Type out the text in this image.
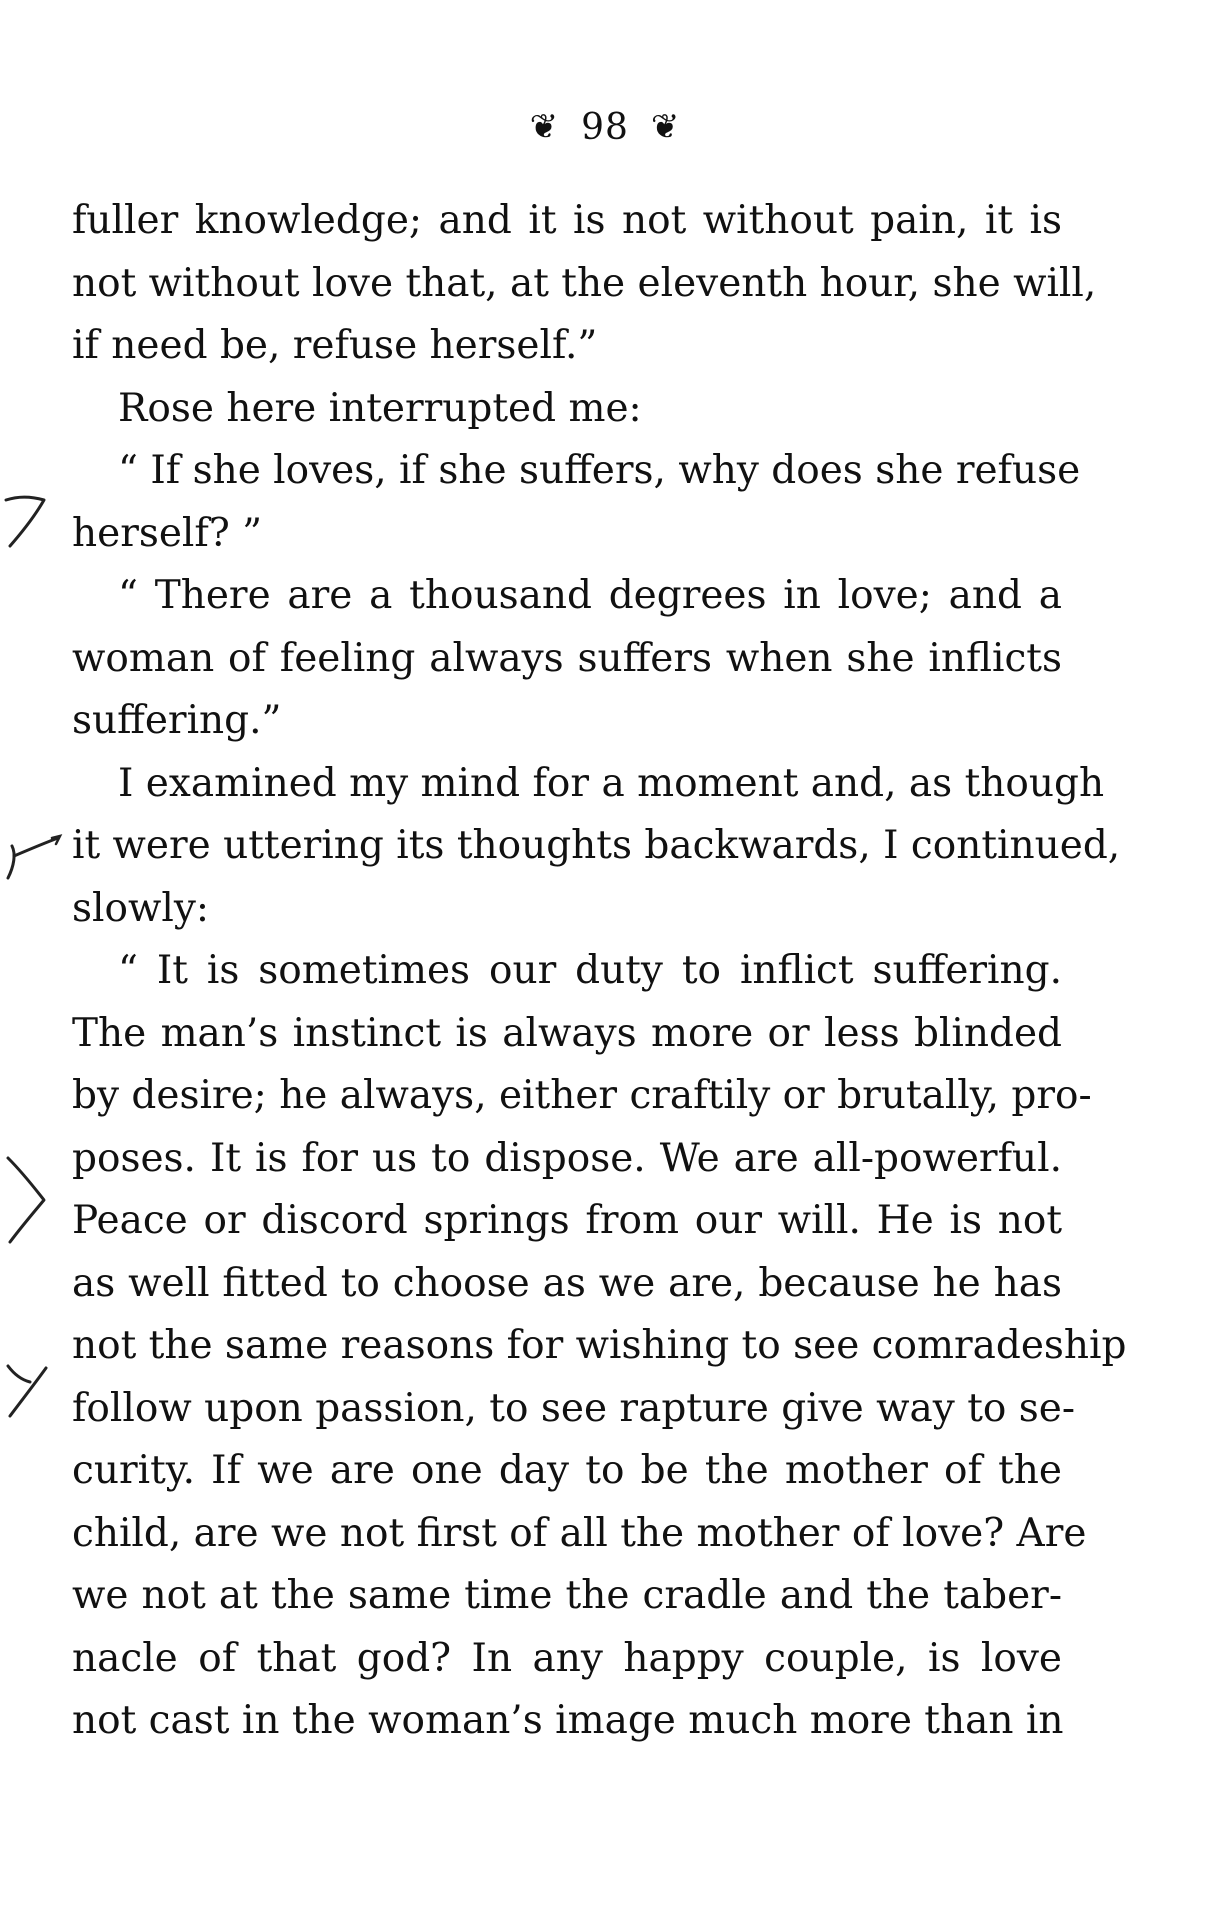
❦ 98 ❦
fuller knowledge; and it is not without pain, it is
not without love that, at the eleventh hour, she will,
if need be, refuse herself.”
Rose here interrupted me:
“ If she loves, if she suffers, why does she refuse
herself? ”
“ There are a thousand degrees in love; and a
woman of feeling always suffers when she inflicts
suffering.”
I examined my mind for a moment and, as though
it were uttering its thoughts backwards, I continued,
slowly:
“ It is sometimes our duty to inflict suffering.
The man’s instinct is always more or less blinded
by desire; he always, either craftily or brutally, pro-
poses. It is for us to dispose. We are all-powerful.
Peace or discord springs from our will. He is not
as well fitted to choose as we are, because he has
not the same reasons for wishing to see comradeship
follow upon passion, to see rapture give way to se-
curity. If we are one day to be the mother of the
child, are we not first of all the mother of love? Are
we not at the same time the cradle and the taber-
nacle of that god? In any happy couple, is love
not cast in the woman’s image much more than in
